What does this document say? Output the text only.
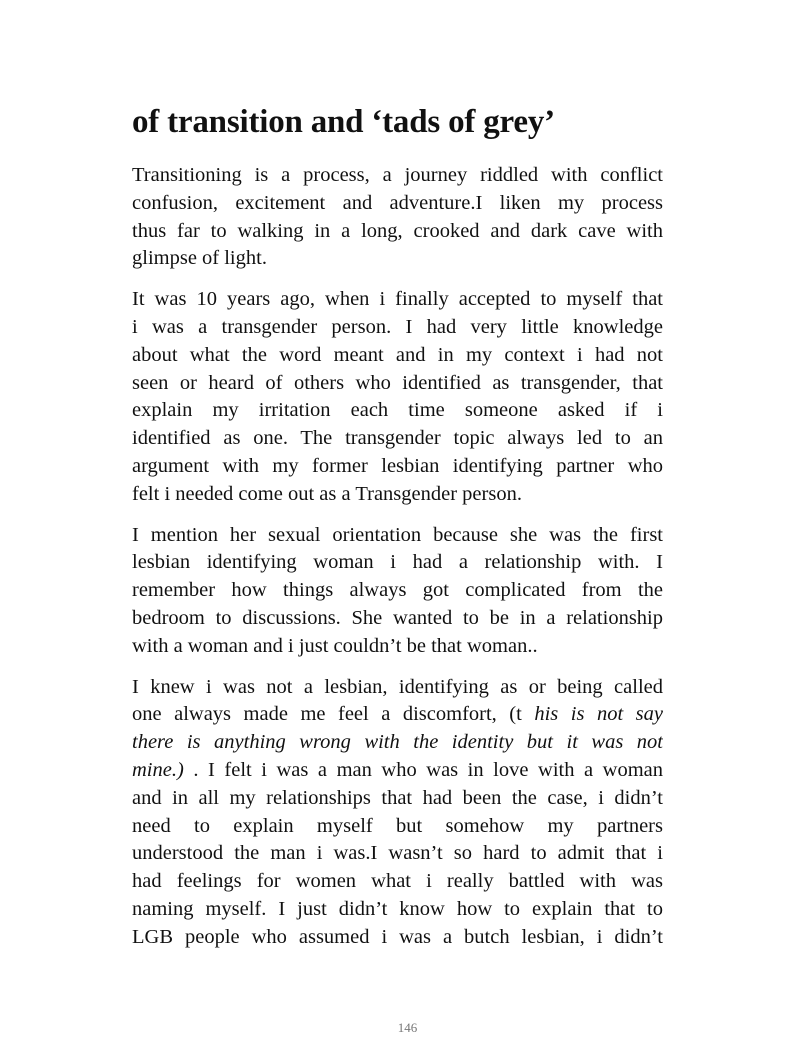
of transition and ‘tads of grey’
Transitioning is a process, a journey riddled with conflict
confusion, excitement and adventure.I liken my process
thus far to walking in a long, crooked and dark cave with
glimpse of light.
It was 10 years ago, when i finally accepted to myself that
i was a transgender person. I had very little knowledge
about what the word meant and in my context i had not
seen or heard of others who identified as transgender, that
explain my irritation each time someone asked if i
identified as one. The transgender topic always led to an
argument with my former lesbian identifying partner who
felt i needed come out as a Transgender person.
I mention her sexual orientation because she was the first
lesbian identifying woman i had a relationship with. I
remember how things always got complicated from the
bedroom to discussions. She wanted to be in a relationship
with a woman and i just couldn’t be that woman..
I knew i was not a lesbian, identifying as or being called
one always made me feel a discomfort, (t his is not say
there is anything wrong with the identity but it was not
mine.) . I felt i was a man who was in love with a woman
and in all my relationships that had been the case, i didn’t
need to explain myself but somehow my partners
understood the man i was.I wasn’t so hard to admit that i
had feelings for women what i really battled with was
naming myself. I just didn’t know how to explain that to
LGB people who assumed i was a butch lesbian, i didn’t
146
